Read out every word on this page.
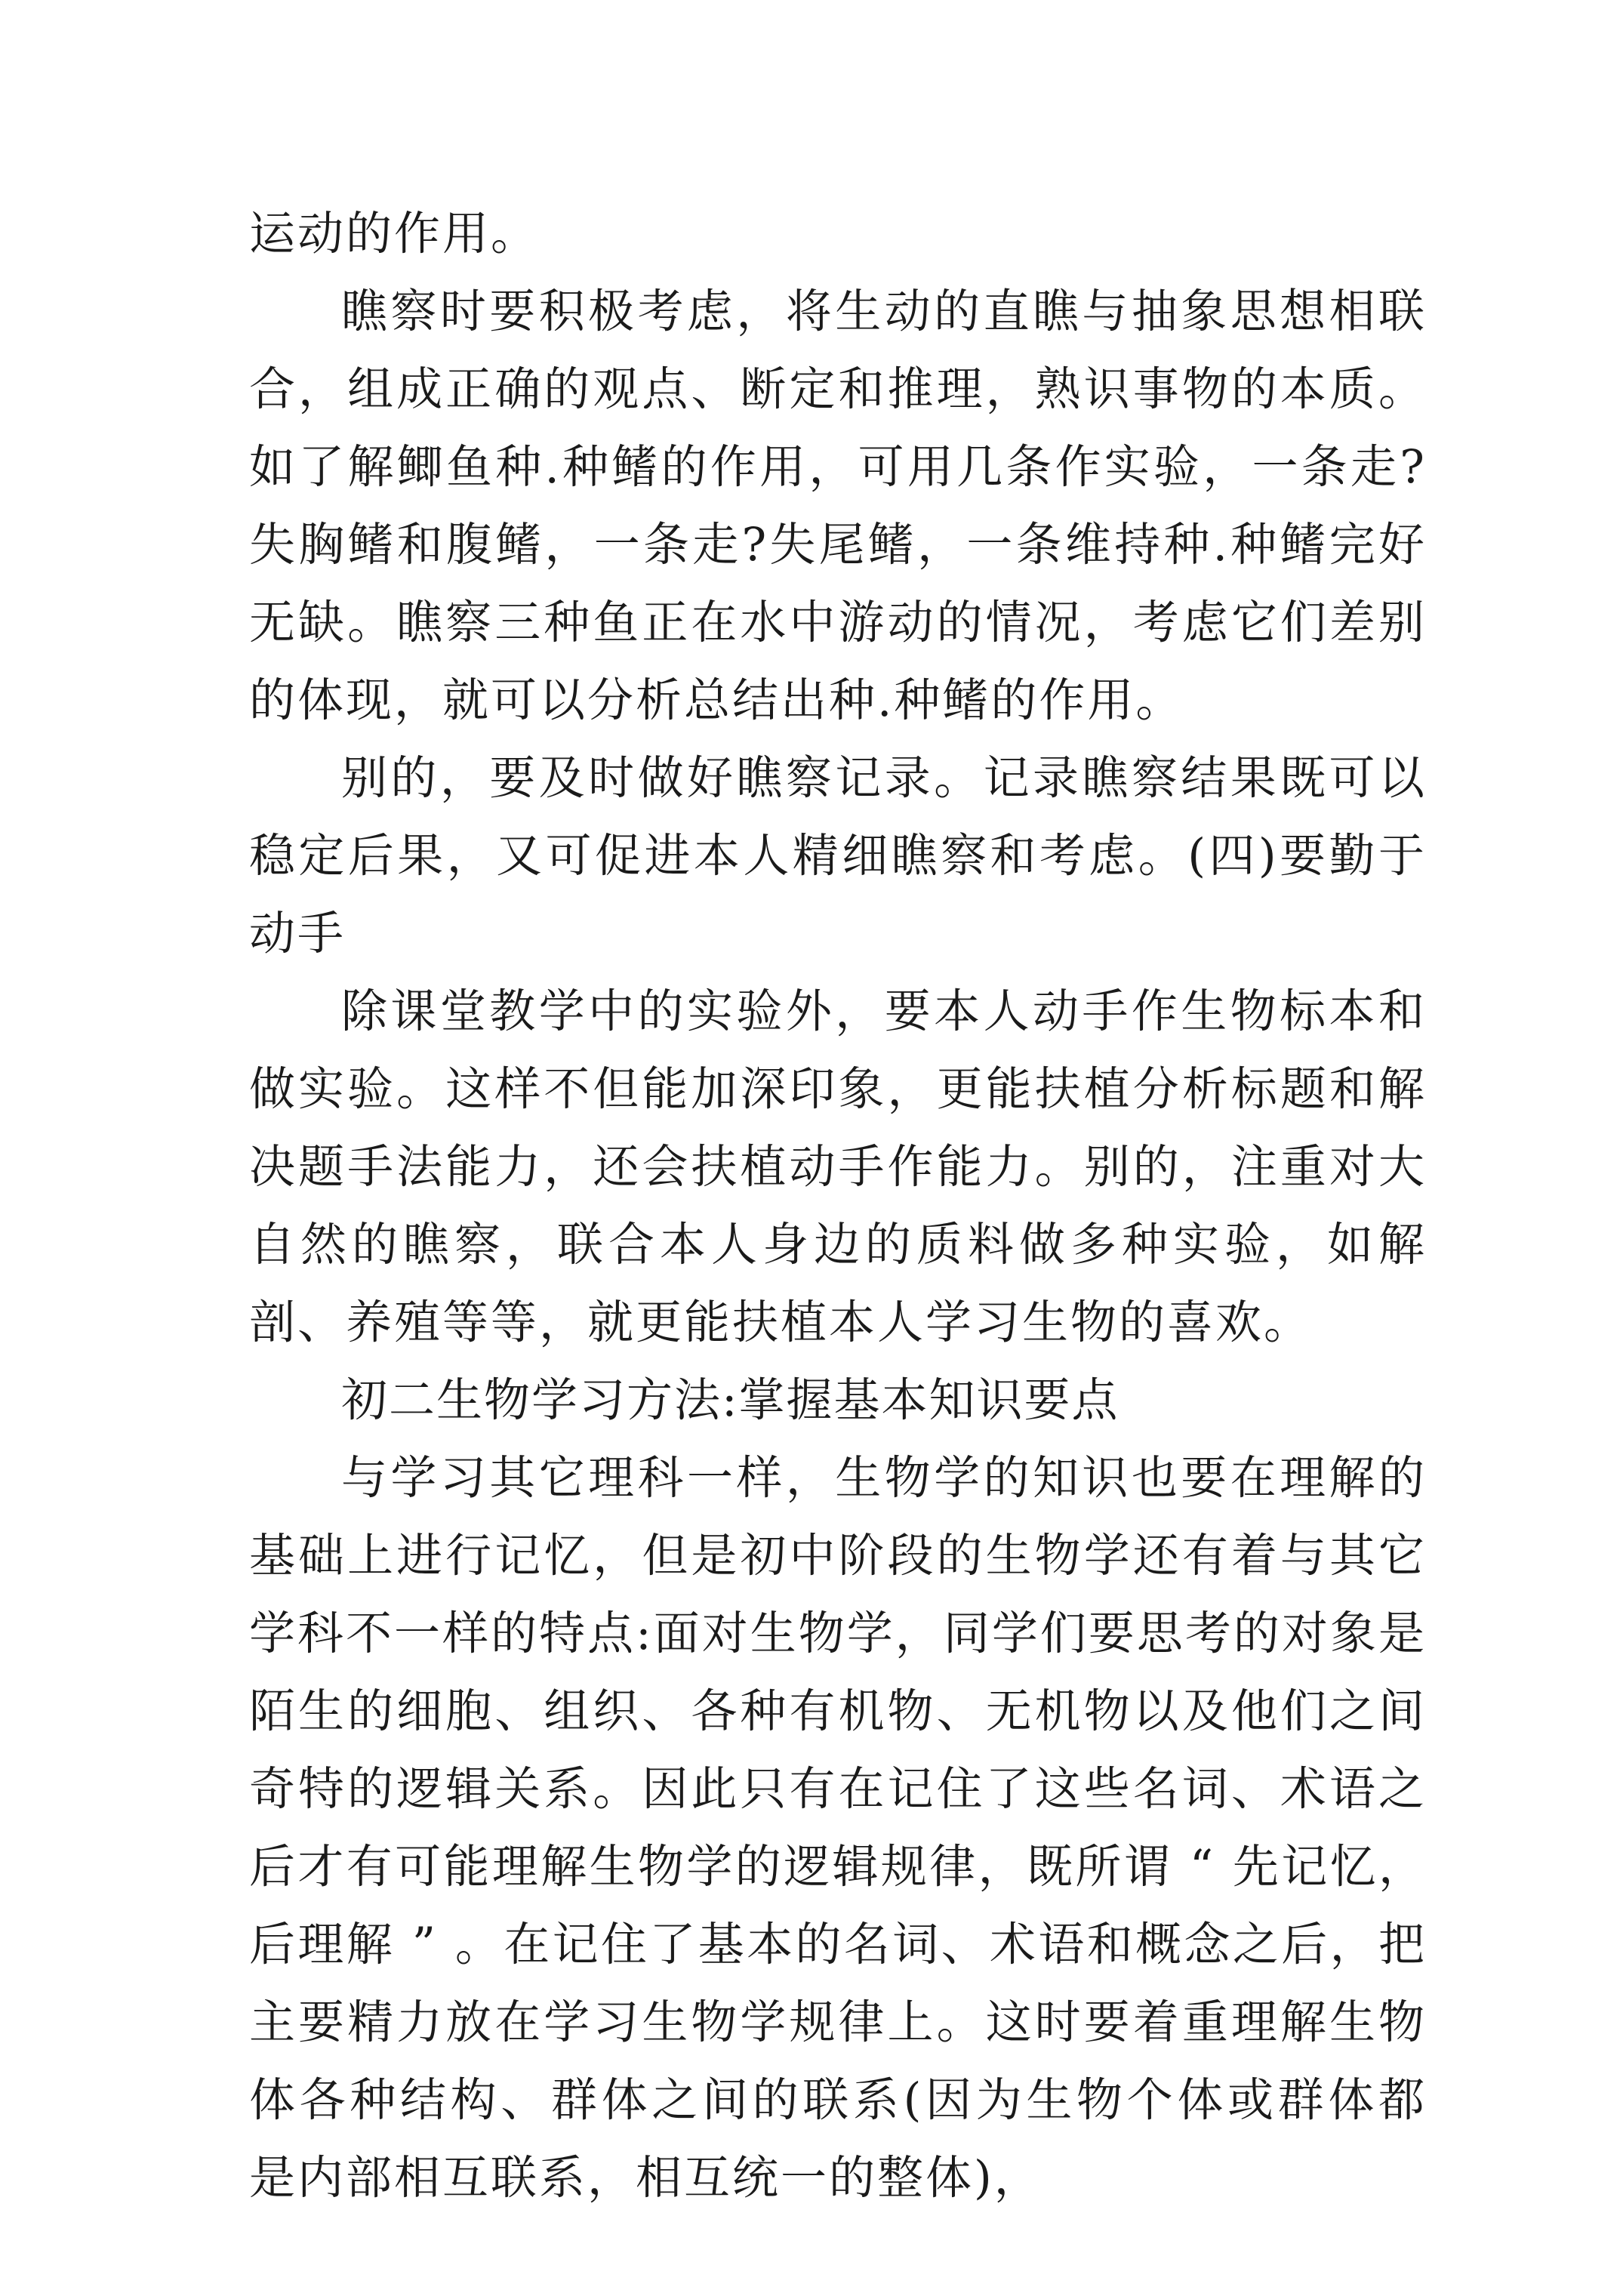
运动的作用。

瞧察时要积极考虑，将生动的直瞧与抽象思想相联合，组成正确的观点、断定和推理，熟识事物的本质。如了解鲫鱼种.种鳍的作用，可用几条作实验，一条走?失胸鳍和腹鳍，一条走?失尾鳍，一条维持种.种鳍完好无缺。瞧察三种鱼正在水中游动的情况，考虑它们差别的体现，就可以分析总结出种.种鳍的作用。

别的，要及时做好瞧察记录。记录瞧察结果既可以稳定后果，又可促进本人精细瞧察和考虑。(四)要勤于动手

除课堂教学中的实验外，要本人动手作生物标本和做实验。这样不但能加深印象，更能扶植分析标题和解决题手法能力，还会扶植动手作能力。别的，注重对大自然的瞧察，联合本人身边的质料做多种实验，如解剖、养殖等等，就更能扶植本人学习生物的喜欢。

初二生物学习方法:掌握基本知识要点

与学习其它理科一样，生物学的知识也要在理解的基础上进行记忆，但是初中阶段的生物学还有着与其它学科不一样的特点:面对生物学，同学们要思考的对象是陌生的细胞、组织、各种有机物、无机物以及他们之间奇特的逻辑关系。因此只有在记住了这些名词、术语之后才有可能理解生物学的逻辑规律，既所谓 “ 先记忆，后理解 ” 。在记住了基本的名词、术语和概念之后，把主要精力放在学习生物学规律上。这时要着重理解生物体各种结构、群体之间的联系(因为生物个体或群体都是内部相互联系，相互统一的整体)，
